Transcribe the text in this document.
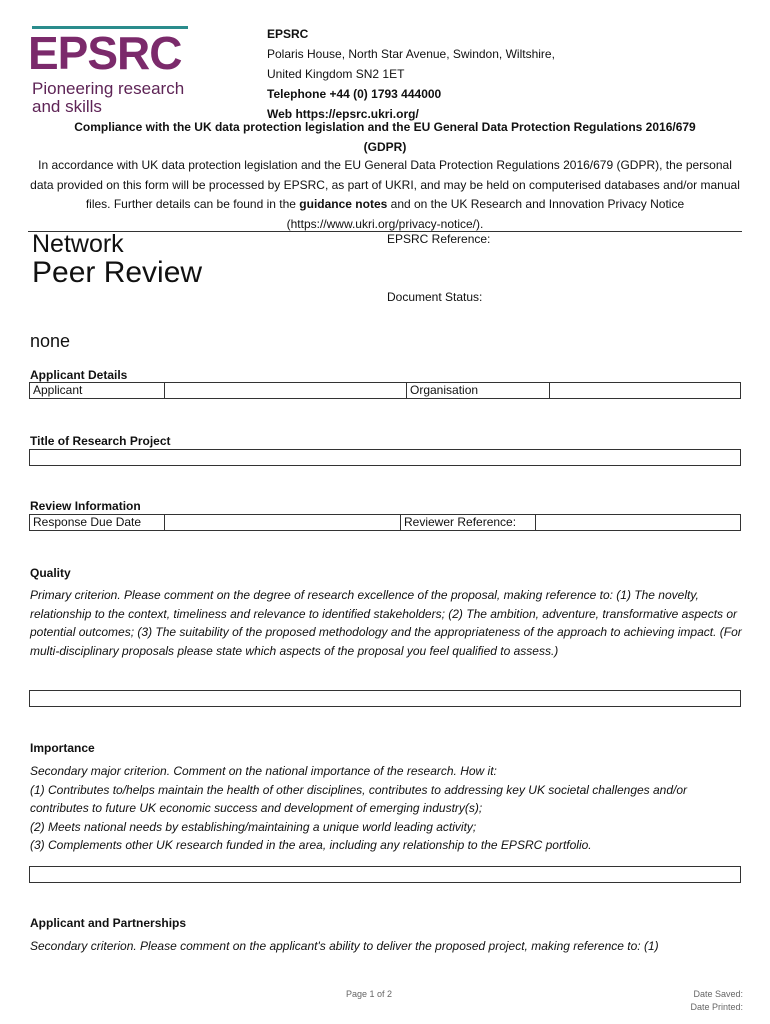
EPSRC
Pioneering research
and skills
EPSRC
Polaris House, North Star Avenue, Swindon, Wiltshire,
United Kingdom SN2 1ET
Telephone +44 (0) 1793 444000
Web https://epsrc.ukri.org/
Compliance with the UK data protection legislation and the EU General Data Protection Regulations 2016/679
(GDPR)
In accordance with UK data protection legislation and the EU General Data Protection Regulations 2016/679 (GDPR), the personal data provided on this form will be processed by EPSRC, as part of UKRI, and may be held on computerised databases and/or manual files. Further details can be found in the guidance notes and on the UK Research and Innovation Privacy Notice (https://www.ukri.org/privacy-notice/).
Network
Peer Review
EPSRC Reference:
Document Status:
none
Applicant Details
Applicant	Organisation
Title of Research Project
Review Information
Response Due Date	Reviewer Reference:
Quality
Primary criterion. Please comment on the degree of research excellence of the proposal, making reference to: (1) The novelty, relationship to the context, timeliness and relevance to identified stakeholders; (2) The ambition, adventure, transformative aspects or potential outcomes; (3) The suitability of the proposed methodology and the appropriateness of the approach to achieving impact. (For multi-disciplinary proposals please state which aspects of the proposal you feel qualified to assess.)
Importance
Secondary major criterion. Comment on the national importance of the research. How it:
(1) Contributes to/helps maintain the health of other disciplines, contributes to addressing key UK societal challenges and/or contributes to future UK economic success and development of emerging industry(s);
(2) Meets national needs by establishing/maintaining a unique world leading activity;
(3) Complements other UK research funded in the area, including any relationship to the EPSRC portfolio.
Applicant and Partnerships
Secondary criterion. Please comment on the applicant's ability to deliver the proposed project, making reference to: (1)
Page 1 of 2	Date Saved:
Date Printed:
